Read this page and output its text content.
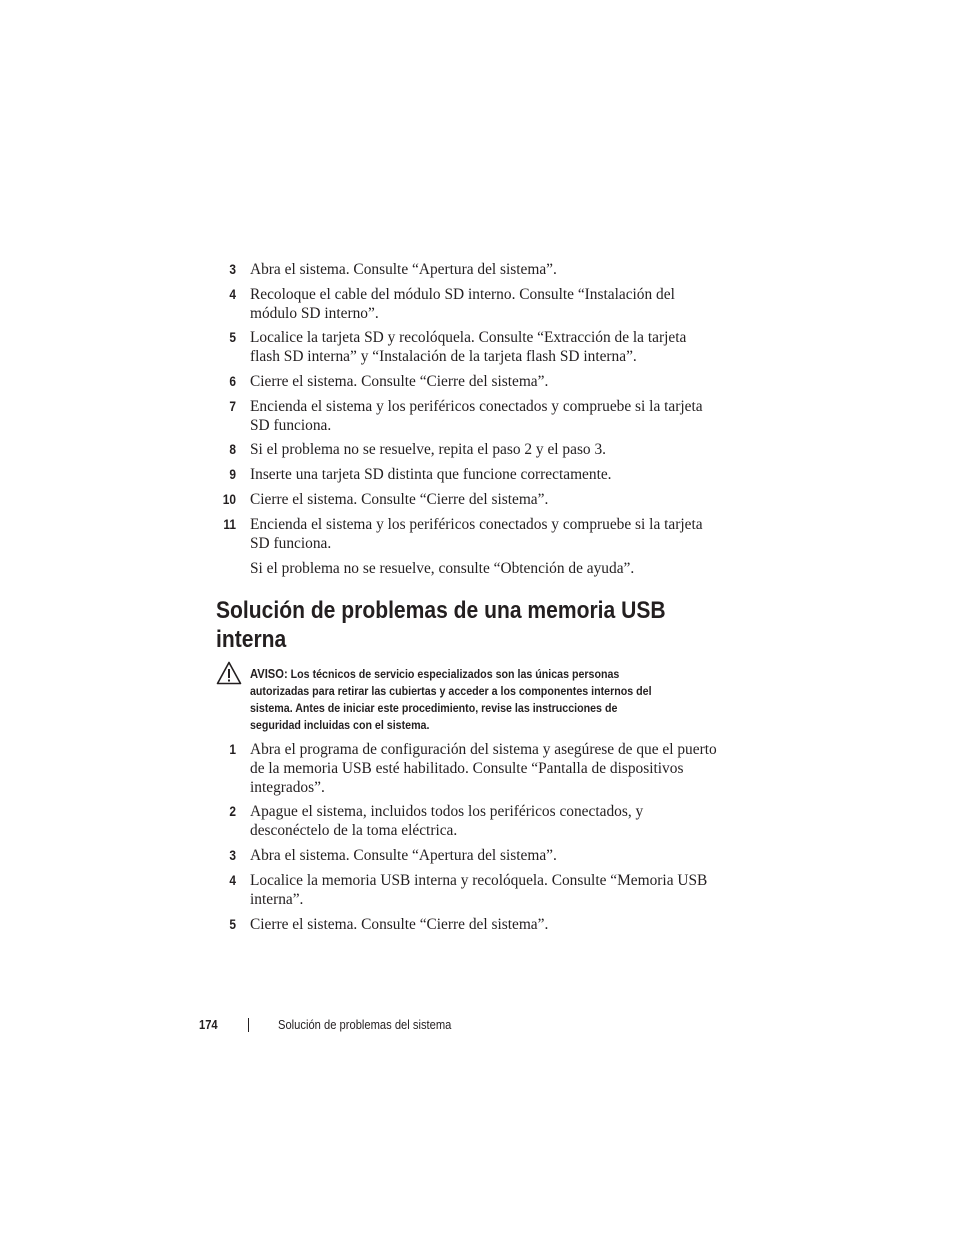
3 Abra el sistema. Consulte “Apertura del sistema”.
4 Recoloque el cable del módulo SD interno. Consulte “Instalación del
módulo SD interno”.
5 Localice la tarjeta SD y recolóquela. Consulte “Extracción de la tarjeta
flash SD interna” y “Instalación de la tarjeta flash SD interna”.
6 Cierre el sistema. Consulte “Cierre del sistema”.
7 Encienda el sistema y los periféricos conectados y compruebe si la tarjeta
SD funciona.
8 Si el problema no se resuelve, repita el paso 2 y el paso 3.
9 Inserte una tarjeta SD distinta que funcione correctamente.
10 Cierre el sistema. Consulte “Cierre del sistema”.
11 Encienda el sistema y los periféricos conectados y compruebe si la tarjeta
SD funciona.
Si el problema no se resuelve, consulte “Obtención de ayuda”.
Solución de problemas de una memoria USB
interna
AVISO: Los técnicos de servicio especializados son las únicas personas
autorizadas para retirar las cubiertas y acceder a los componentes internos del
sistema. Antes de iniciar este procedimiento, revise las instrucciones de
seguridad incluidas con el sistema.
1 Abra el programa de configuración del sistema y asegúrese de que el puerto
de la memoria USB esté habilitado. Consulte “Pantalla de dispositivos
integrados”.
2 Apague el sistema, incluidos todos los periféricos conectados, y
desconéctelo de la toma eléctrica.
3 Abra el sistema. Consulte “Apertura del sistema”.
4 Localice la memoria USB interna y recolóquela. Consulte “Memoria USB
interna”.
5 Cierre el sistema. Consulte “Cierre del sistema”.
174	Solución de problemas del sistema
